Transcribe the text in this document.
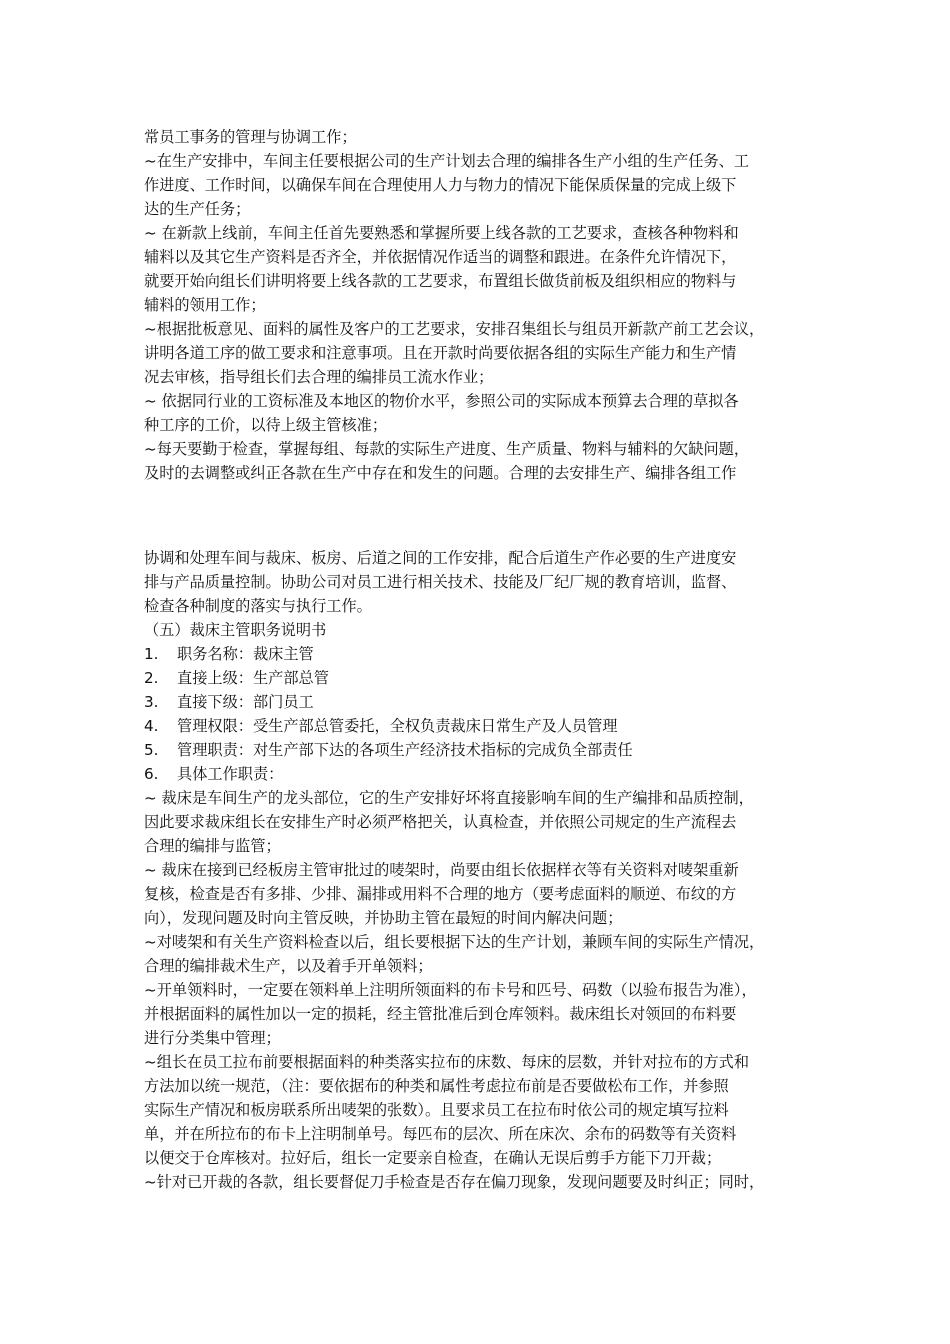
常员工事务的管理与协调工作；
~在生产安排中，车间主任要根据公司的生产计划去合理的编排各生产小组的生产任务、工
作进度、工作时间，以确保车间在合理使用人力与物力的情况下能保质保量的完成上级下
达的生产任务；
~ 在新款上线前，车间主任首先要熟悉和掌握所要上线各款的工艺要求，查核各种物料和
辅料以及其它生产资料是否齐全，并依据情况作适当的调整和跟进。在条件允许情况下，
就要开始向组长们讲明将要上线各款的工艺要求，布置组长做货前板及组织相应的物料与
辅料的领用工作；
~根据批板意见、面料的属性及客户的工艺要求，安排召集组长与组员开新款产前工艺会议，
讲明各道工序的做工要求和注意事项。且在开款时尚要依据各组的实际生产能力和生产情
况去审核，指导组长们去合理的编排员工流水作业；
~ 依据同行业的工资标准及本地区的物价水平，参照公司的实际成本预算去合理的草拟各
种工序的工价，以待上级主管核准；
~每天要勤于检查，掌握每组、每款的实际生产进度、生产质量、物料与辅料的欠缺问题，
及时的去调整或纠正各款在生产中存在和发生的问题。合理的去安排生产、编排各组工作
协调和处理车间与裁床、板房、后道之间的工作安排，配合后道生产作必要的生产进度安
排与产品质量控制。协助公司对员工进行相关技术、技能及厂纪厂规的教育培训，监督、
检查各种制度的落实与执行工作。
（五）裁床主管职务说明书
1.	职务名称：裁床主管
2.	直接上级：生产部总管
3.	直接下级：部门员工
4.	管理权限：受生产部总管委托，全权负责裁床日常生产及人员管理
5.	管理职责：对生产部下达的各项生产经济技术指标的完成负全部责任
6.	具体工作职责：
~ 裁床是车间生产的龙头部位，它的生产安排好坏将直接影响车间的生产编排和品质控制，
因此要求裁床组长在安排生产时必须严格把关，认真检查，并依照公司规定的生产流程去
合理的编排与监管；
~ 裁床在接到已经板房主管审批过的唛架时，尚要由组长依据样衣等有关资料对唛架重新
复核，检查是否有多排、少排、漏排或用料不合理的地方（要考虑面料的顺逆、布纹的方
向），发现问题及时向主管反映，并协助主管在最短的时间内解决问题；
~对唛架和有关生产资料检查以后，组长要根据下达的生产计划，兼顾车间的实际生产情况，
合理的编排裁术生产，以及着手开单领料；
~开单领料时，一定要在领料单上注明所领面料的布卡号和匹号、码数（以验布报告为准），
并根据面料的属性加以一定的损耗，经主管批准后到仓库领料。裁床组长对领回的布料要
进行分类集中管理；
~组长在员工拉布前要根据面料的种类落实拉布的床数、每床的层数，并针对拉布的方式和
方法加以统一规范，（注：要依据布的种类和属性考虑拉布前是否要做松布工作，并参照
实际生产情况和板房联系所出唛架的张数）。且要求员工在拉布时依公司的规定填写拉料
单，并在所拉布的布卡上注明制单号。每匹布的层次、所在床次、余布的码数等有关资料
以便交于仓库核对。拉好后，组长一定要亲自检查，在确认无误后剪手方能下刀开裁；
~针对已开裁的各款，组长要督促刀手检查是否存在偏刀现象，发现问题要及时纠正；同时，
